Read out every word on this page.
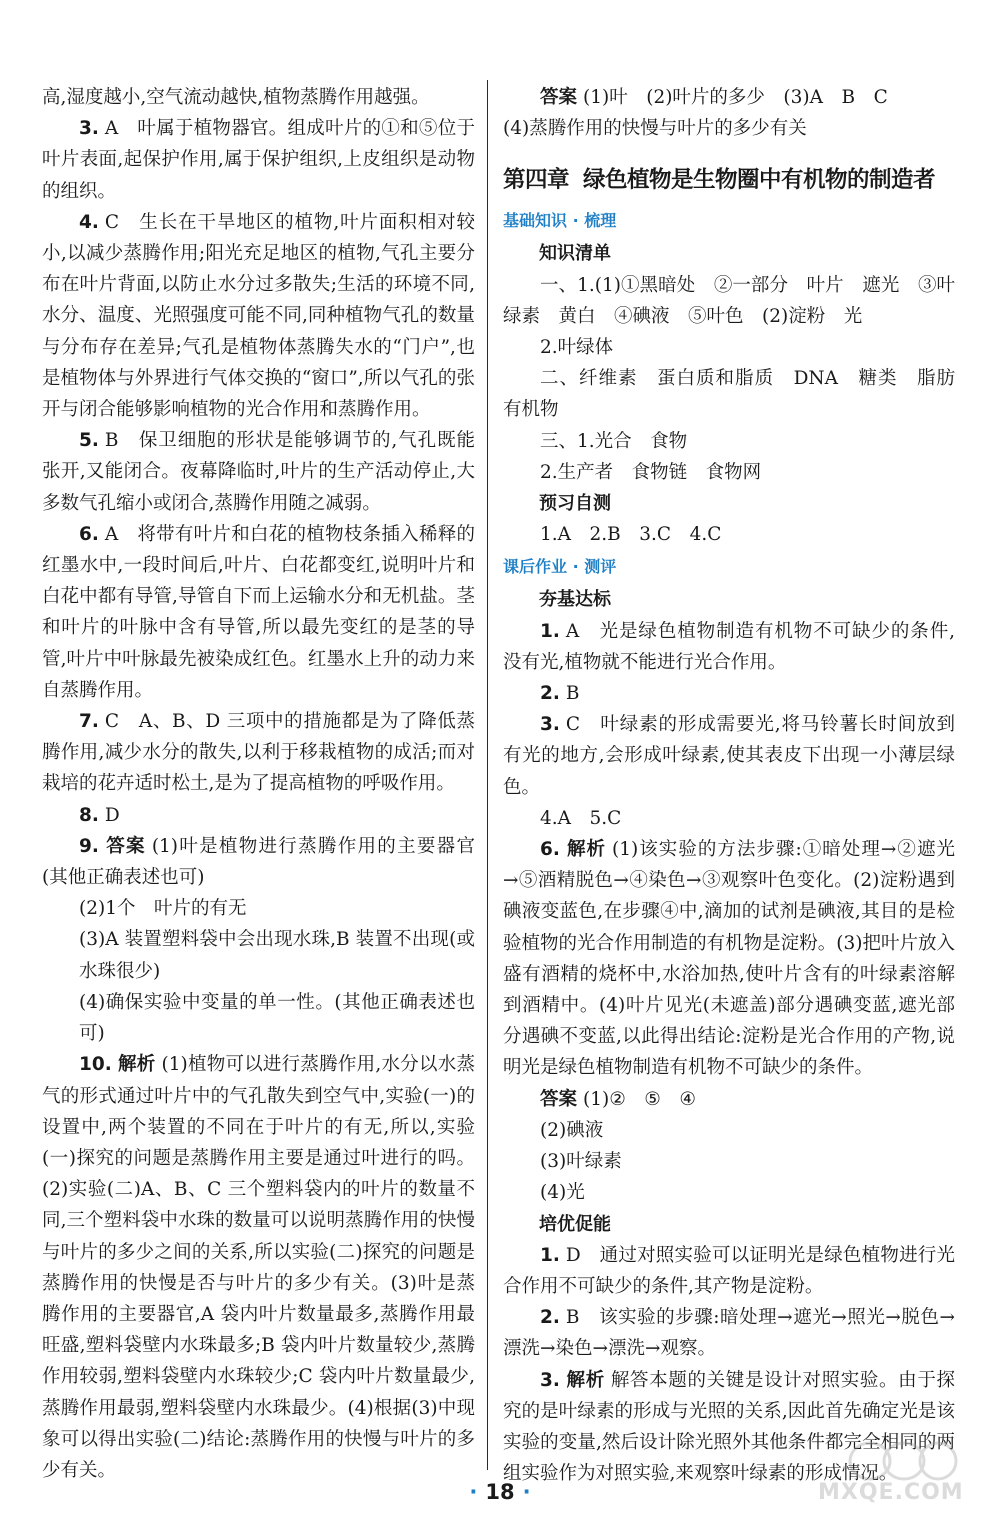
高,湿度越小,空气流动越快,植物蒸腾作用越强。

3. A　叶属于植物器官。组成叶片的①和⑤位于叶片表面,起保护作用,属于保护组织,上皮组织是动物的组织。

4. C　生长在干旱地区的植物,叶片面积相对较小,以减少蒸腾作用;阳光充足地区的植物,气孔主要分布在叶片背面,以防止水分过多散失;生活的环境不同,水分、温度、光照强度可能不同,同种植物气孔的数量与分布存在差异;气孔是植物体蒸腾失水的“门户”,也是植物体与外界进行气体交换的“窗口”,所以气孔的张开与闭合能够影响植物的光合作用和蒸腾作用。

5. B　保卫细胞的形状是能够调节的,气孔既能张开,又能闭合。夜幕降临时,叶片的生产活动停止,大多数气孔缩小或闭合,蒸腾作用随之减弱。

6. A　将带有叶片和白花的植物枝条插入稀释的红墨水中,一段时间后,叶片、白花都变红,说明叶片和白花中都有导管,导管自下而上运输水分和无机盐。茎和叶片的叶脉中含有导管,所以最先变红的是茎的导管,叶片中叶脉最先被染成红色。红墨水上升的动力来自蒸腾作用。

7. C　A、B、D 三项中的措施都是为了降低蒸腾作用,减少水分的散失,以利于移栽植物的成活;而对栽培的花卉适时松土,是为了提高植物的呼吸作用。

8. D

9. 答案 (1)叶是植物进行蒸腾作用的主要器官(其他正确表述也可)

(2)1个　叶片的有无

(3)A 装置塑料袋中会出现水珠,B 装置不出现(或水珠很少)

(4)确保实验中变量的单一性。(其他正确表述也可)

10. 解析 (1)植物可以进行蒸腾作用,水分以水蒸气的形式通过叶片中的气孔散失到空气中,实验(一)的设置中,两个装置的不同在于叶片的有无,所以,实验(一)探究的问题是蒸腾作用主要是通过叶进行的吗。(2)实验(二)A、B、C 三个塑料袋内的叶片的数量不同,三个塑料袋中水珠的数量可以说明蒸腾作用的快慢与叶片的多少之间的关系,所以实验(二)探究的问题是蒸腾作用的快慢是否与叶片的多少有关。(3)叶是蒸腾作用的主要器官,A 袋内叶片数量最多,蒸腾作用最旺盛,塑料袋壁内水珠最多;B 袋内叶片数量较少,蒸腾作用较弱,塑料袋壁内水珠较少;C 袋内叶片数量最少,蒸腾作用最弱,塑料袋壁内水珠最少。(4)根据(3)中现象可以得出实验(二)结论:蒸腾作用的快慢与叶片的多少有关。

答案 (1)叶　(2)叶片的多少　(3)A　B　C

(4)蒸腾作用的快慢与叶片的多少有关

第四章 绿色植物是生物圈中有机物的制造者
基础知识 · 梳理
知识清单

一、1.(1)①黑暗处　②一部分　叶片　遮光　③叶绿素　黄白　④碘液　⑤叶色　(2)淀粉　光

2.叶绿体

二、纤维素　蛋白质和脂质　DNA　糖类　脂肪　有机物

三、1.光合　食物

2.生产者　食物链　食物网

预习自测

1.A　2.B　3.C　4.C

课后作业 · 测评
夯基达标

1. A　光是绿色植物制造有机物不可缺少的条件,没有光,植物就不能进行光合作用。

2. B

3. C　叶绿素的形成需要光,将马铃薯长时间放到有光的地方,会形成叶绿素,使其表皮下出现一小薄层绿色。

4.A　5.C

6. 解析 (1)该实验的方法步骤:①暗处理→②遮光→⑤酒精脱色→④染色→③观察叶色变化。(2)淀粉遇到碘液变蓝色,在步骤④中,滴加的试剂是碘液,其目的是检验植物的光合作用制造的有机物是淀粉。(3)把叶片放入盛有酒精的烧杯中,水浴加热,使叶片含有的叶绿素溶解到酒精中。(4)叶片见光(未遮盖)部分遇碘变蓝,遮光部分遇碘不变蓝,以此得出结论:淀粉是光合作用的产物,说明光是绿色植物制造有机物不可缺少的条件。

答案 (1)②　⑤　④

(2)碘液

(3)叶绿素

(4)光

培优促能

1. D　通过对照实验可以证明光是绿色植物进行光合作用不可缺少的条件,其产物是淀粉。

2. B　该实验的步骤:暗处理→遮光→照光→脱色→漂洗→染色→漂洗→观察。

3. 解析 解答本题的关键是设计对照实验。由于探究的是叶绿素的形成与光照的关系,因此首先确定光是该实验的变量,然后设计除光照外其他条件都完全相同的两组实验作为对照实验,来观察叶绿素的形成情况。

· 18 ·	MXQE.COM
